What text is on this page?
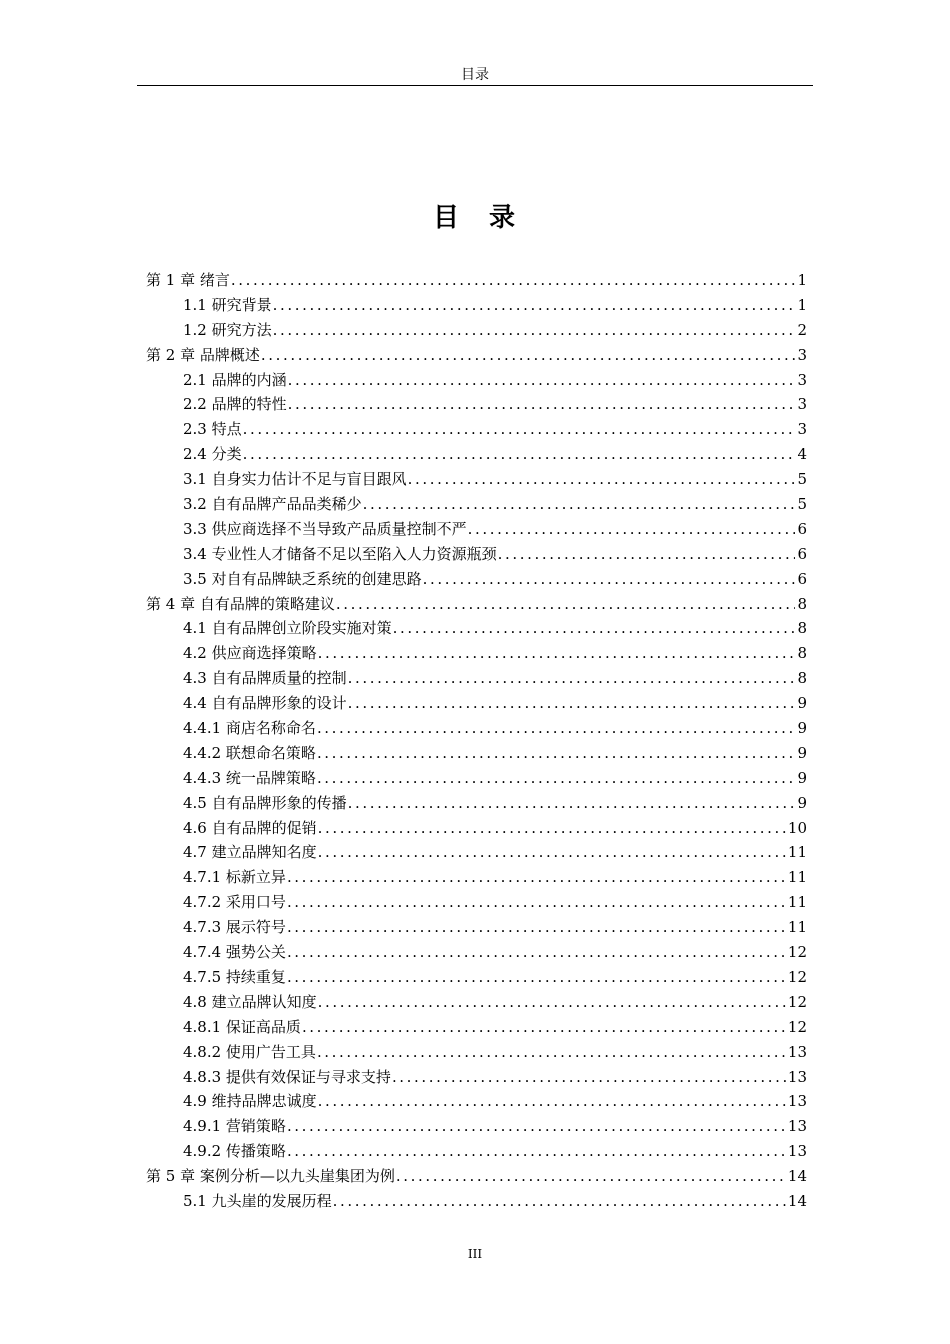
目录
目　录
第 1 章 绪言 .....	1
1.1 研究背景 .....	1
1.2 研究方法 .....	2
第 2 章 品牌概述 .....	3
2.1 品牌的内涵 .....	3
2.2 品牌的特性 .....	3
2.3 特点 .....	3
2.4 分类 .....	4
3.1 自身实力估计不足与盲目跟风 .....	5
3.2 自有品牌产品品类稀少 .....	5
3.3 供应商选择不当导致产品质量控制不严 .....	6
3.4 专业性人才储备不足以至陷入人力资源瓶颈 .....	6
3.5 对自有品牌缺乏系统的创建思路 .....	6
第 4 章 自有品牌的策略建议 .....	8
4.1 自有品牌创立阶段实施对策 .....	8
4.2 供应商选择策略 .....	8
4.3 自有品牌质量的控制 .....	8
4.4 自有品牌形象的设计 .....	9
4.4.1 商店名称命名 .....	9
4.4.2 联想命名策略 .....	9
4.4.3 统一品牌策略 .....	9
4.5 自有品牌形象的传播 .....	9
4.6 自有品牌的促销 .....	10
4.7 建立品牌知名度 .....	11
4.7.1 标新立异 .....	11
4.7.2 采用口号 .....	11
4.7.3 展示符号 .....	11
4.7.4 强势公关 .....	12
4.7.5 持续重复 .....	12
4.8 建立品牌认知度 .....	12
4.8.1 保证高品质 .....	12
4.8.2 使用广告工具 .....	13
4.8.3 提供有效保证与寻求支持 .....	13
4.9 维持品牌忠诚度 .....	13
4.9.1 营销策略 .....	13
4.9.2 传播策略 .....	13
第 5 章 案例分析—以九头崖集团为例 .....	14
5.1 九头崖的发展历程 .....	14
III
